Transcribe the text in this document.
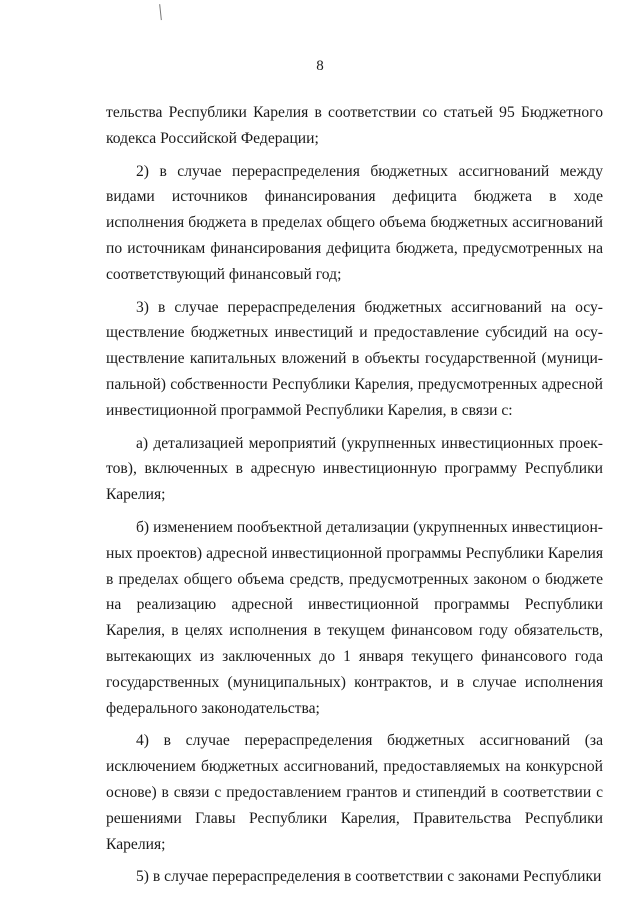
8

тельства Республики Карелия в соответствии со статьей 95 Бюджетного кодекса Российской Федерации;

2) в случае перераспределения бюджетных ассигнований между видами источников финансирования дефицита бюджета в ходе исполнения бюджета в пределах общего объема бюджетных ассигнований по источникам финансирования дефицита бюджета, предусмотренных на соответствующий финансовый год;

3) в случае перераспределения бюджетных ассигнований на осуществление бюджетных инвестиций и предоставление субсидий на осуществление капитальных вложений в объекты государственной (муниципальной) собственности Республики Карелия, предусмотренных адресной инвестиционной программой Республики Карелия, в связи с:

а) детализацией мероприятий (укрупненных инвестиционных проектов), включенных в адресную инвестиционную программу Республики Карелия;

б) изменением пообъектной детализации (укрупненных инвестиционных проектов) адресной инвестиционной программы Республики Карелия в пределах общего объема средств, предусмотренных законом о бюджете на реализацию адресной инвестиционной программы Республики Карелия, в целях исполнения в текущем финансовом году обязательств, вытекающих из заключенных до 1 января текущего финансового года государственных (муниципальных) контрактов, и в случае исполнения федерального законодательства;

4) в случае перераспределения бюджетных ассигнований (за исключением бюджетных ассигнований, предоставляемых на конкурсной основе) в связи с предоставлением грантов и стипендий в соответствии с решениями Главы Республики Карелия, Правительства Республики Карелия;

5) в случае перераспределения в соответствии с законами Республики
